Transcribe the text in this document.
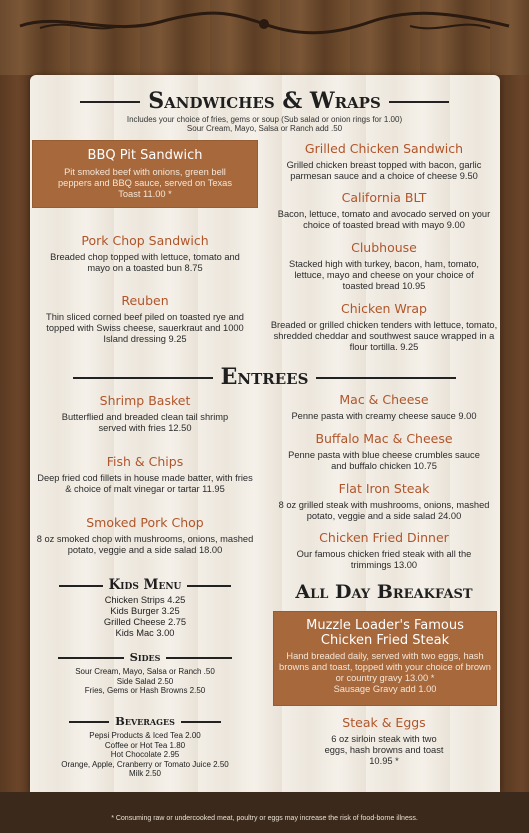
Sandwiches & Wraps
Includes your choice of fries, gems or soup (Sub salad or onion rings for 1.00)
Sour Cream, Mayo, Salsa or Ranch add .50
BBQ Pit Sandwich
Pit smoked beef with onions, green bell peppers and BBQ sauce, served on Texas Toast 11.00 *
Pork Chop Sandwich
Breaded chop topped with lettuce, tomato and mayo on a toasted bun 8.75
Reuben
Thin sliced corned beef piled on toasted rye and topped with Swiss cheese, sauerkraut and 1000 Island dressing 9.25
Grilled Chicken Sandwich
Grilled chicken breast topped with bacon, garlic parmesan sauce and a choice of cheese 9.50
California BLT
Bacon, lettuce, tomato and avocado served on your choice of toasted bread with mayo 9.00
Clubhouse
Stacked high with turkey, bacon, ham, tomato, lettuce, mayo and cheese on your choice of toasted bread 10.95
Chicken Wrap
Breaded or grilled chicken tenders with lettuce, tomato, shredded cheddar and southwest sauce wrapped in a flour tortilla. 9.25
Entrees
Shrimp Basket
Butterflied and breaded clean tail shrimp served with fries 12.50
Fish & Chips
Deep fried cod fillets in house made batter, with fries & choice of malt vinegar or tartar 11.95
Smoked Pork Chop
8 oz smoked chop with mushrooms, onions, mashed potato, veggie and a side salad 18.00
Mac & Cheese
Penne pasta with creamy cheese sauce 9.00
Buffalo Mac & Cheese
Penne pasta with blue cheese crumbles sauce and buffalo chicken 10.75
Flat Iron Steak
8 oz grilled steak with mushrooms, onions, mashed potato, veggie and a side salad 24.00
Chicken Fried Dinner
Our famous chicken fried steak with all the trimmings 13.00
Kids Menu
Chicken Strips 4.25
Kids Burger 3.25
Grilled Cheese 2.75
Kids Mac 3.00
Sides
Sour Cream, Mayo, Salsa or Ranch .50
Side Salad 2.50
Fries, Gems or Hash Browns 2.50
Beverages
Pepsi Products & Iced Tea 2.00
Coffee or Hot Tea 1.80
Hot Chocolate 2.95
Orange, Apple, Cranberry or Tomato Juice 2.50
Milk 2.50
All Day Breakfast
Muzzle Loader's Famous
Chicken Fried Steak
Hand breaded daily, served with two eggs, hash browns and toast, topped with your choice of brown or country gravy 13.00 *
Sausage Gravy add 1.00
Steak & Eggs
6 oz sirloin steak with two eggs, hash browns and toast 10.95 *
* Consuming raw or undercooked meat, poultry or eggs may increase the risk of food-borne illness.
